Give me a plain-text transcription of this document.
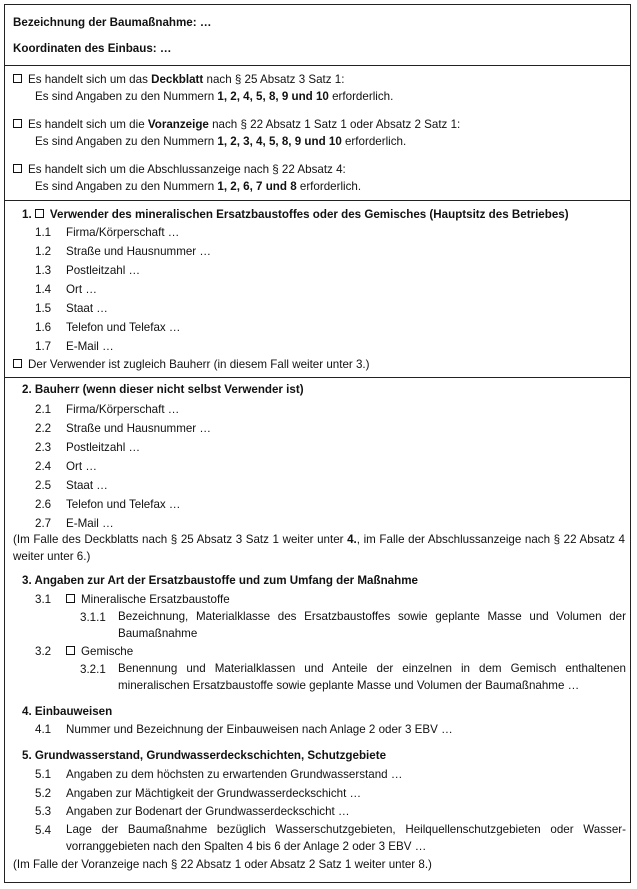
Bezeichnung der Baumaßnahme: …
Koordinaten des Einbaus: …
Es handelt sich um das Deckblatt nach § 25 Absatz 3 Satz 1:
Es sind Angaben zu den Nummern 1, 2, 4, 5, 8, 9 und 10 erforderlich.
Es handelt sich um die Voranzeige nach § 22 Absatz 1 Satz 1 oder Absatz 2 Satz 1:
Es sind Angaben zu den Nummern 1, 2, 3, 4, 5, 8, 9 und 10 erforderlich.
Es handelt sich um die Abschlussanzeige nach § 22 Absatz 4:
Es sind Angaben zu den Nummern 1, 2, 6, 7 und 8 erforderlich.
1. Verwender des mineralischen Ersatzbaustoffes oder des Gemisches (Hauptsitz des Betriebes)
1.1 Firma/Körperschaft …
1.2 Straße und Hausnummer …
1.3 Postleitzahl …
1.4 Ort …
1.5 Staat …
1.6 Telefon und Telefax …
1.7 E-Mail …
Der Verwender ist zugleich Bauherr (in diesem Fall weiter unter 3.)
2. Bauherr (wenn dieser nicht selbst Verwender ist)
2.1 Firma/Körperschaft …
2.2 Straße und Hausnummer …
2.3 Postleitzahl …
2.4 Ort …
2.5 Staat …
2.6 Telefon und Telefax …
2.7 E-Mail …
(Im Falle des Deckblatts nach § 25 Absatz 3 Satz 1 weiter unter 4., im Falle der Abschlussanzeige nach § 22 Absatz 4 weiter unter 6.)
3. Angaben zur Art der Ersatzbaustoffe und zum Umfang der Maßnahme
3.1	Mineralische Ersatzbaustoffe
3.1.1 Bezeichnung, Materialklasse des Ersatzbaustoffes sowie geplante Masse und Volumen der Baumaßnahme
3.2	Gemische
3.2.1 Benennung und Materialklassen und Anteile der einzelnen in dem Gemisch enthaltenen mineralischen Ersatzbaustoffe sowie geplante Masse und Volumen der Baumaßnahme …
4. Einbauweisen
4.1 Nummer und Bezeichnung der Einbauweisen nach Anlage 2 oder 3 EBV …
5. Grundwasserstand, Grundwasserdeckschichten, Schutzgebiete
5.1 Angaben zu dem höchsten zu erwartenden Grundwasserstand …
5.2 Angaben zur Mächtigkeit der Grundwasserdeckschicht …
5.3 Angaben zur Bodenart der Grundwasserdeckschicht …
5.4 Lage der Baumaßnahme bezüglich Wasserschutzgebieten, Heilquellenschutzgebieten oder Wasser-vorranggebieten nach den Spalten 4 bis 6 der Anlage 2 oder 3 EBV …
(Im Falle der Voranzeige nach § 22 Absatz 1 oder Absatz 2 Satz 1 weiter unter 8.)
